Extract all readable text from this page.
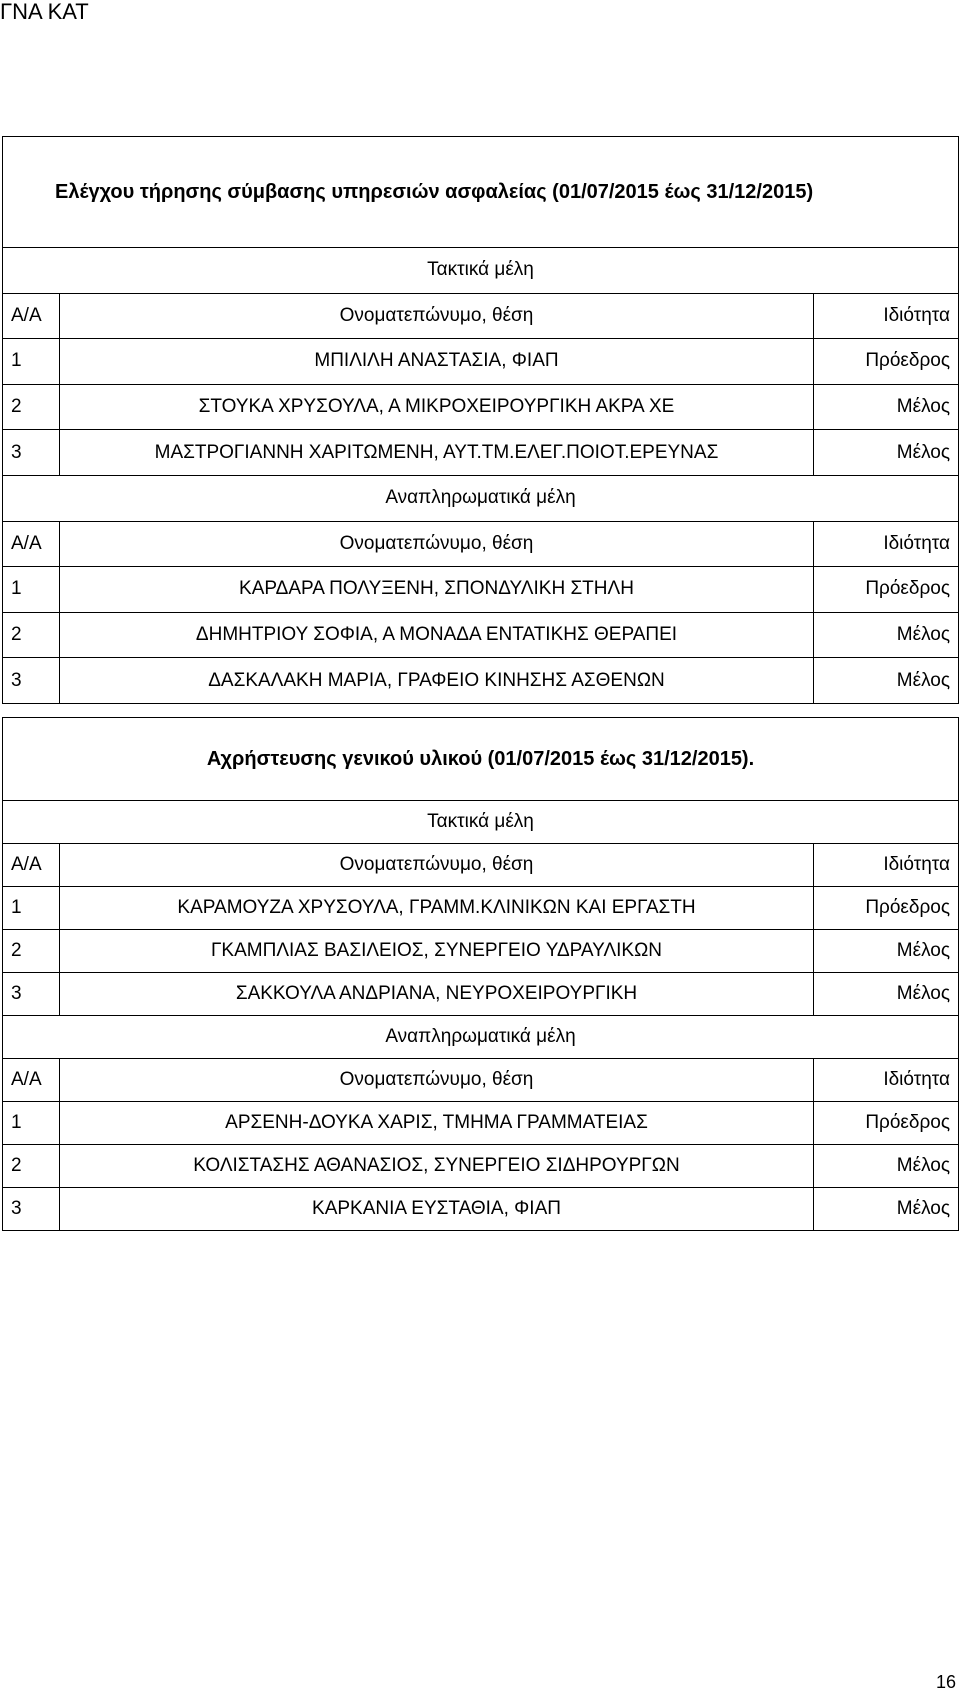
ΓΝΑ ΚΑΤ
Ελέγχου τήρησης σύμβασης υπηρεσιών ασφαλείας (01/07/2015 έως 31/12/2015)		
Τακτικά μέλη		
Α/Α	Ονοματεπώνυμο, θέση	Ιδιότητα
1	ΜΠΙΛΙΛΗ ΑΝΑΣΤΑΣΙΑ, ΦΙΑΠ	Πρόεδρος
2	ΣΤΟΥΚΑ ΧΡΥΣΟΥΛΑ, Α ΜΙΚΡΟΧΕΙΡΟΥΡΓΙΚΗ ΑΚΡΑ ΧΕ	Μέλος
3	ΜΑΣΤΡΟΓΙΑΝΝΗ ΧΑΡΙΤΩΜΕΝΗ, ΑΥΤ.ΤΜ.ΕΛΕΓ.ΠΟΙΟΤ.ΕΡΕΥΝΑΣ	Μέλος
Αναπληρωματικά μέλη		
Α/Α	Ονοματεπώνυμο, θέση	Ιδιότητα
1	ΚΑΡΔΑΡΑ ΠΟΛΥΞΕΝΗ, ΣΠΟΝΔΥΛΙΚΗ ΣΤΗΛΗ	Πρόεδρος
2	ΔΗΜΗΤΡΙΟΥ ΣΟΦΙΑ, Α ΜΟΝΑΔΑ ΕΝΤΑΤΙΚΗΣ ΘΕΡΑΠΕΙ	Μέλος
3	ΔΑΣΚΑΛΑΚΗ ΜΑΡΙΑ, ΓΡΑΦΕΙΟ ΚΙΝΗΣΗΣ ΑΣΘΕΝΩΝ	Μέλος
Αχρήστευσης γενικού υλικού (01/07/2015 έως 31/12/2015).		
Τακτικά μέλη		
Α/Α	Ονοματεπώνυμο, θέση	Ιδιότητα
1	ΚΑΡΑΜΟΥΖΑ ΧΡΥΣΟΥΛΑ, ΓΡΑΜΜ.ΚΛΙΝΙΚΩΝ ΚΑΙ ΕΡΓΑΣΤΗ	Πρόεδρος
2	ΓΚΑΜΠΛΙΑΣ ΒΑΣΙΛΕΙΟΣ, ΣΥΝΕΡΓΕΙΟ ΥΔΡΑΥΛΙΚΩΝ	Μέλος
3	ΣΑΚΚΟΥΛΑ ΑΝΔΡΙΑΝΑ, ΝΕΥΡΟΧΕΙΡΟΥΡΓΙΚΗ	Μέλος
Αναπληρωματικά μέλη		
Α/Α	Ονοματεπώνυμο, θέση	Ιδιότητα
1	ΑΡΣΕΝΗ-ΔΟΥΚΑ ΧΑΡΙΣ, ΤΜΗΜΑ ΓΡΑΜΜΑΤΕΙΑΣ	Πρόεδρος
2	ΚΟΛΙΣΤΑΣΗΣ ΑΘΑΝΑΣΙΟΣ, ΣΥΝΕΡΓΕΙΟ ΣΙΔΗΡΟΥΡΓΩΝ	Μέλος
3	ΚΑΡΚΑΝΙΑ ΕΥΣΤΑΘΙΑ, ΦΙΑΠ	Μέλος
16
